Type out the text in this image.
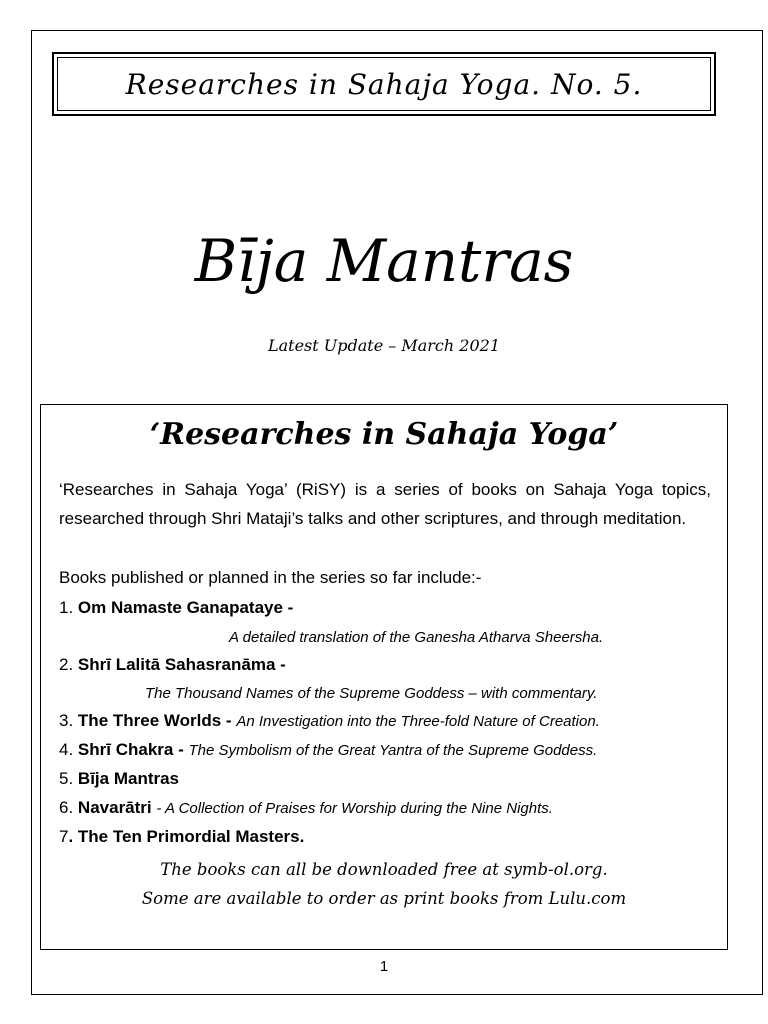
Researches in Sahaja Yoga. No. 5.
Bīja Mantras
Latest Update – March 2021
‘Researches in Sahaja Yoga’

‘Researches in Sahaja Yoga’ (RiSY) is a series of books on Sahaja Yoga topics, researched through Shri Mataji’s talks and other scriptures, and through meditation.

Books published or planned in the series so far include:-
1. Om Namaste Ganapataye -
A detailed translation of the Ganesha Atharva Sheersha.
2. Shrī Lalitā Sahasranāma -
The Thousand Names of the Supreme Goddess – with commentary.
3. The Three Worlds - An Investigation into the Three-fold Nature of Creation.
4. Shrī Chakra - The Symbolism of the Great Yantra of the Supreme Goddess.
5. Bīja Mantras
6. Navarātri - A Collection of Praises for Worship during the Nine Nights.
7. The Ten Primordial Masters.
The books can all be downloaded free at symb-ol.org.
Some are available to order as print books from Lulu.com
1
